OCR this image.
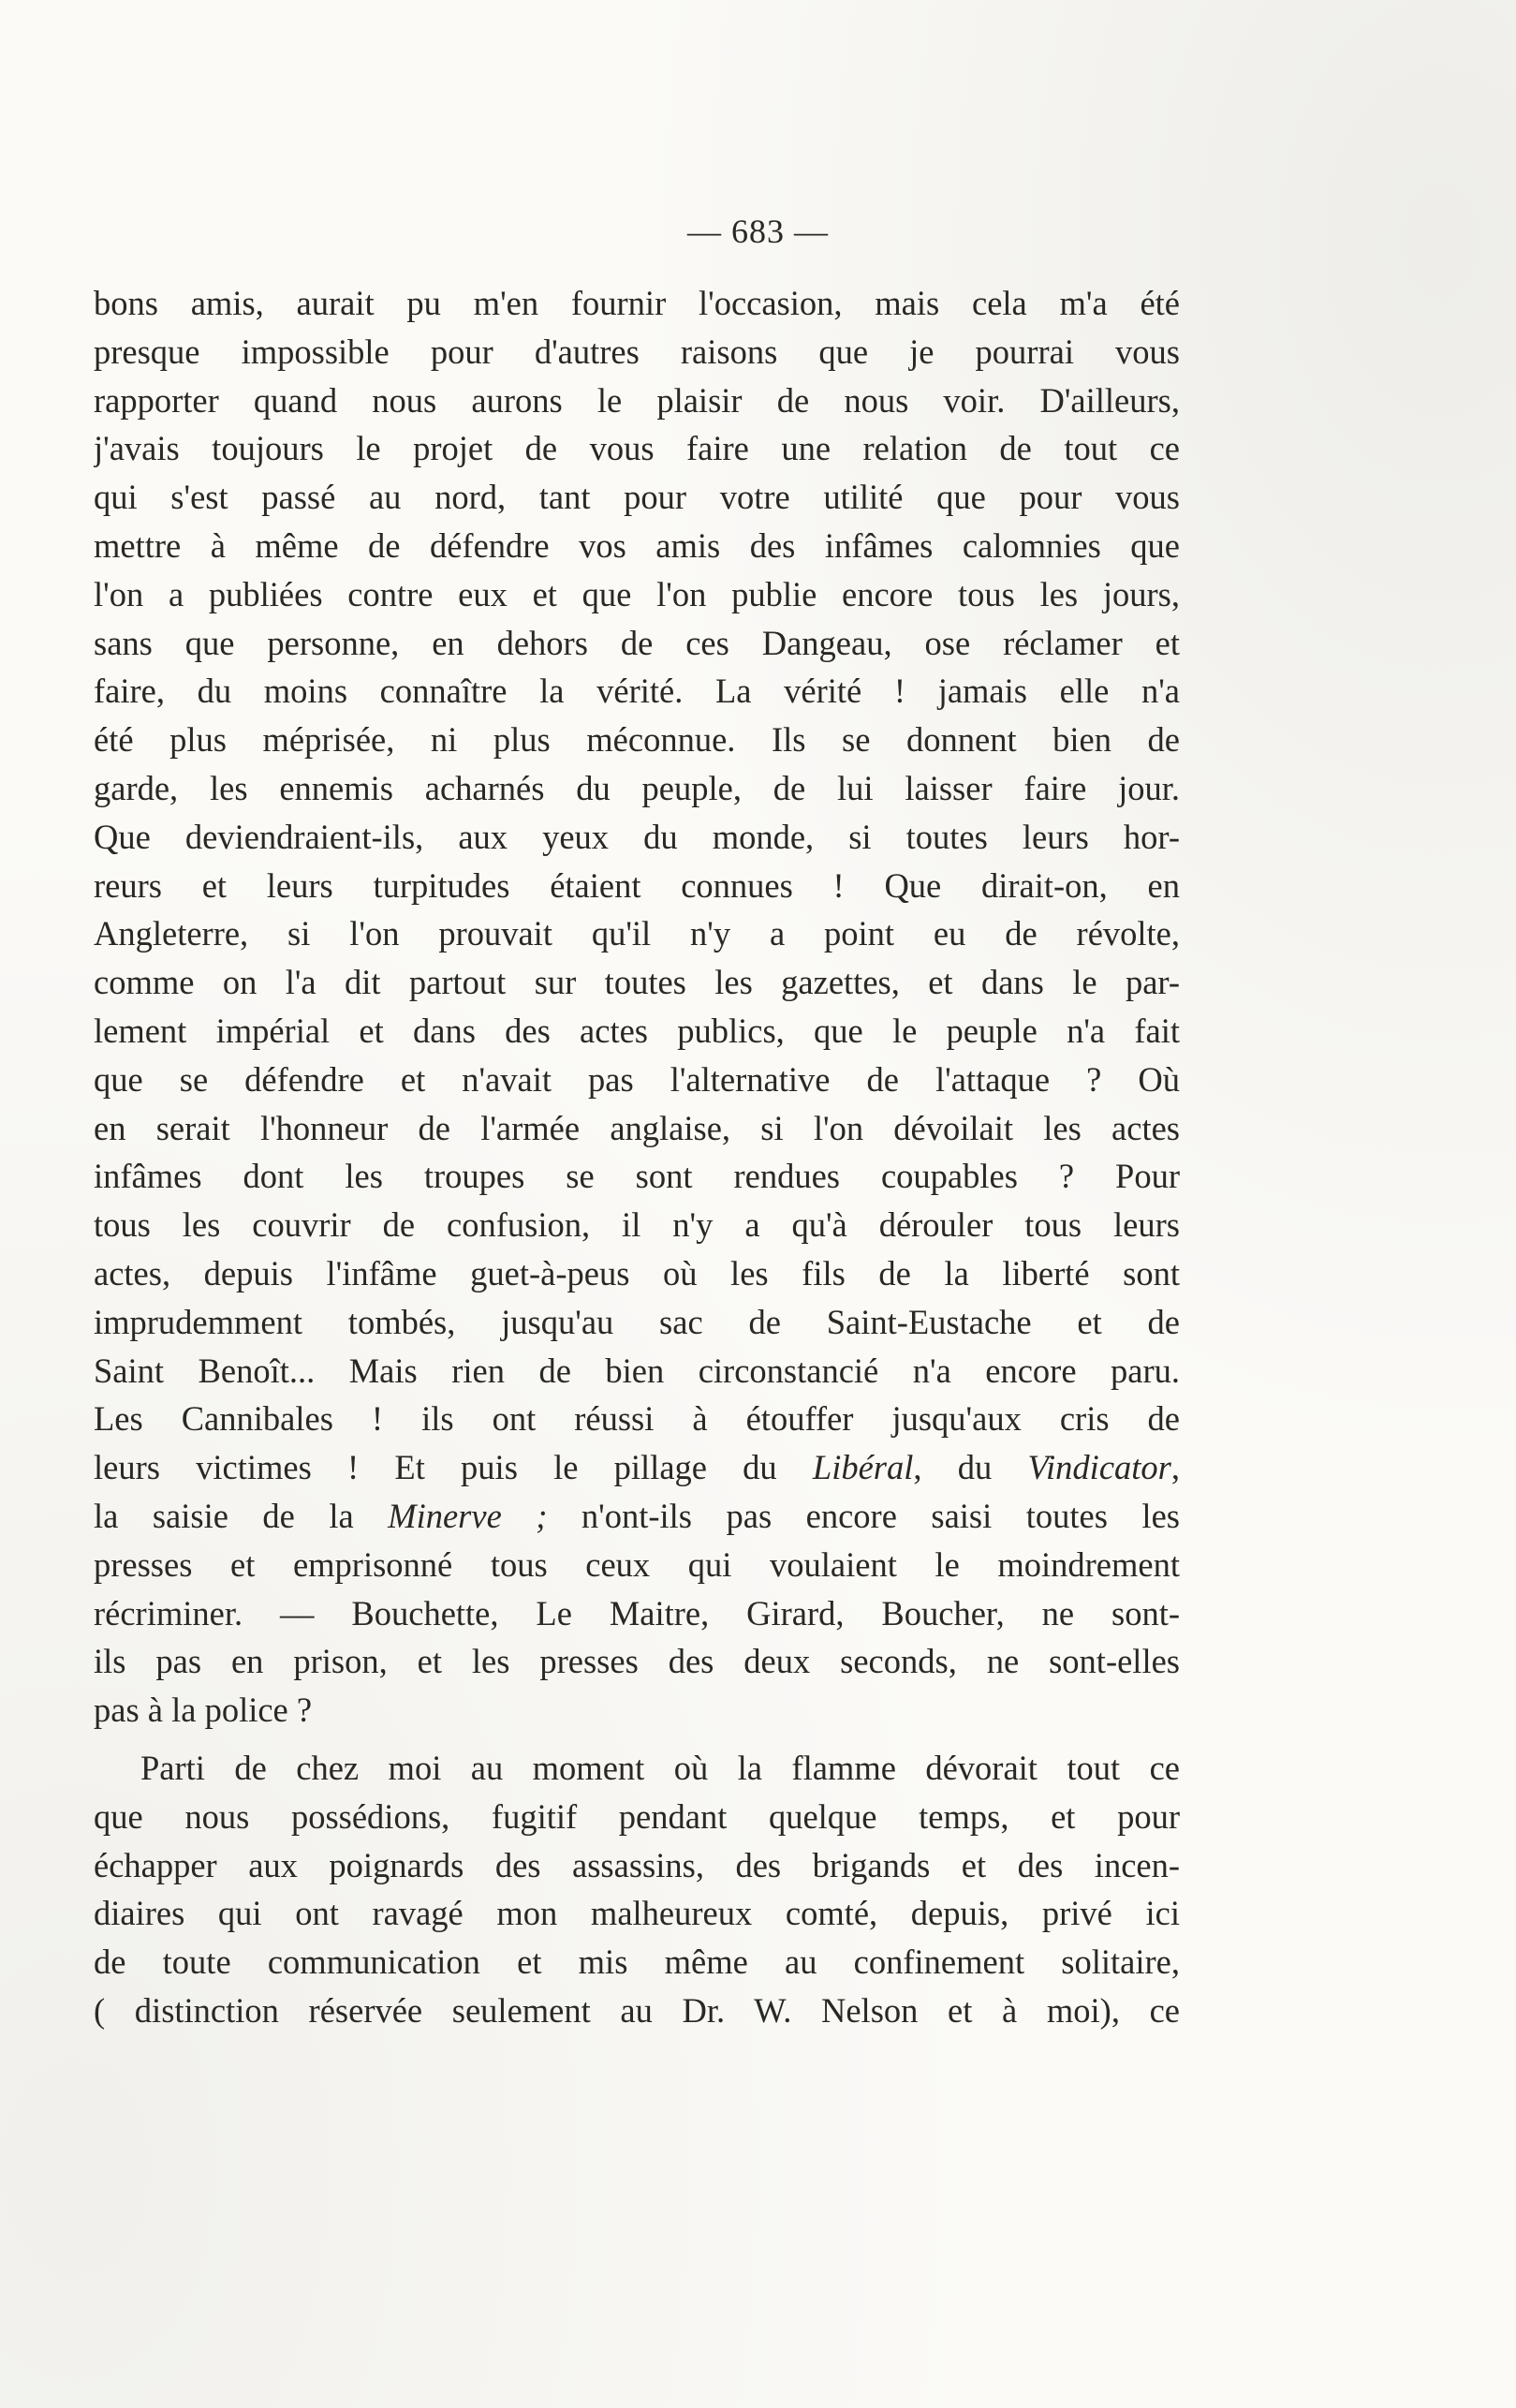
— 683 —
bons amis, aurait pu m'en fournir l'occasion, mais cela m'a été
presque impossible pour d'autres raisons que je pourrai vous
rapporter quand nous aurons le plaisir de nous voir. D'ailleurs,
j'avais toujours le projet de vous faire une relation de tout ce
qui s'est passé au nord, tant pour votre utilité que pour vous
mettre à même de défendre vos amis des infâmes calomnies que
l'on a publiées contre eux et que l'on publie encore tous les jours,
sans que personne, en dehors de ces Dangeau, ose réclamer et
faire, du moins connaître la vérité. La vérité ! jamais elle n'a
été plus méprisée, ni plus méconnue. Ils se donnent bien de
garde, les ennemis acharnés du peuple, de lui laisser faire jour.
Que deviendraient-ils, aux yeux du monde, si toutes leurs hor-
reurs et leurs turpitudes étaient connues ! Que dirait-on, en
Angleterre, si l'on prouvait qu'il n'y a point eu de révolte,
comme on l'a dit partout sur toutes les gazettes, et dans le par-
lement impérial et dans des actes publics, que le peuple n'a fait
que se défendre et n'avait pas l'alternative de l'attaque ? Où
en serait l'honneur de l'armée anglaise, si l'on dévoilait les actes
infâmes dont les troupes se sont rendues coupables ? Pour
tous les couvrir de confusion, il n'y a qu'à dérouler tous leurs
actes, depuis l'infâme guet-à-peus où les fils de la liberté sont
imprudemment tombés, jusqu'au sac de Saint-Eustache et de
Saint Benoît... Mais rien de bien circonstancié n'a encore paru.
Les Cannibales ! ils ont réussi à étouffer jusqu'aux cris de
leurs victimes ! Et puis le pillage du Libéral, du Vindicator,
la saisie de la Minerve ; n'ont-ils pas encore saisi toutes les
presses et emprisonné tous ceux qui voulaient le moindrement
récriminer. — Bouchette, Le Maitre, Girard, Boucher, ne sont-
ils pas en prison, et les presses des deux seconds, ne sont-elles
pas à la police ?
Parti de chez moi au moment où la flamme dévorait tout ce
que nous possédions, fugitif pendant quelque temps, et pour
échapper aux poignards des assassins, des brigands et des incen-
diaires qui ont ravagé mon malheureux comté, depuis, privé ici
de toute communication et mis même au confinement solitaire,
( distinction réservée seulement au Dr. W. Nelson et à moi), ce
